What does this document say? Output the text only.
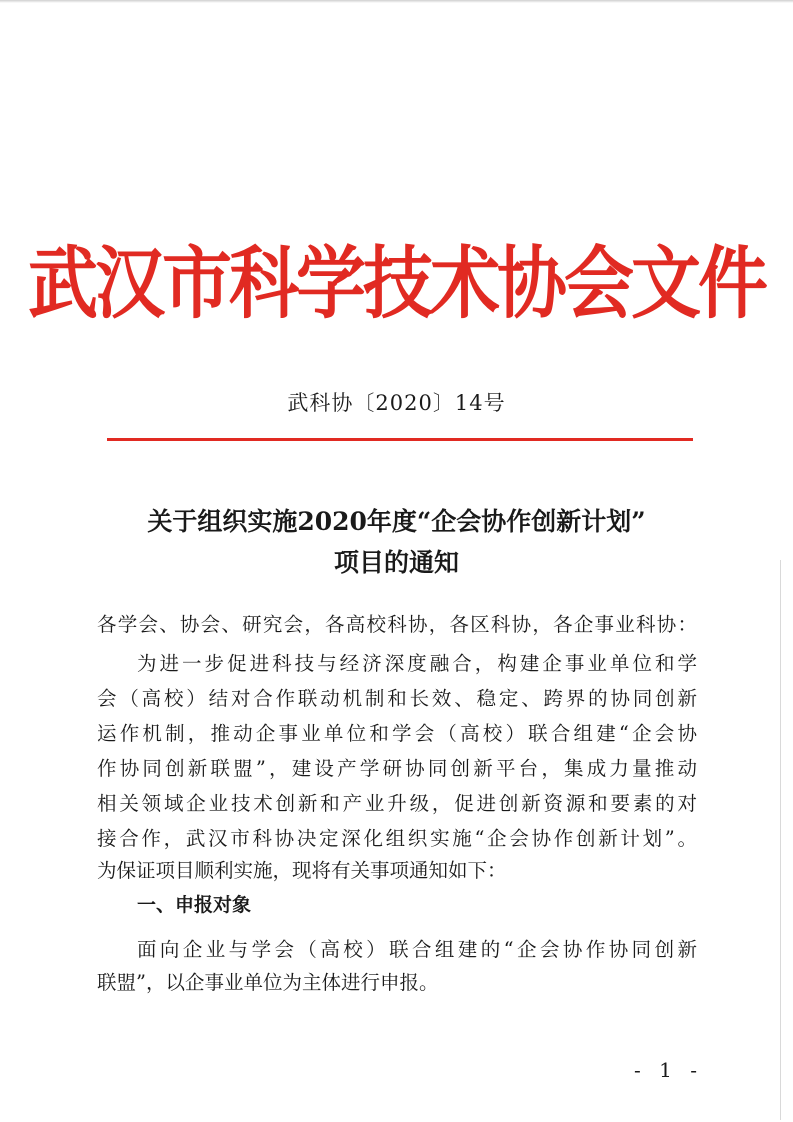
武汉市科学技术协会文件
武科协〔2020〕14号
关于组织实施2020年度“企会协作创新计划”
项目的通知
各学会、协会、研究会，各高校科协，各区科协，各企事业科协：
为进一步促进科技与经济深度融合，构建企事业单位和学
会（高校）结对合作联动机制和长效、稳定、跨界的协同创新
运作机制，推动企事业单位和学会（高校）联合组建“企会协
作协同创新联盟”，建设产学研协同创新平台，集成力量推动
相关领域企业技术创新和产业升级，促进创新资源和要素的对
接合作，武汉市科协决定深化组织实施“企会协作创新计划”。
为保证项目顺利实施，现将有关事项通知如下：
一、申报对象
面向企业与学会（高校）联合组建的“企会协作协同创新
联盟”，以企事业单位为主体进行申报。
- 1 -
